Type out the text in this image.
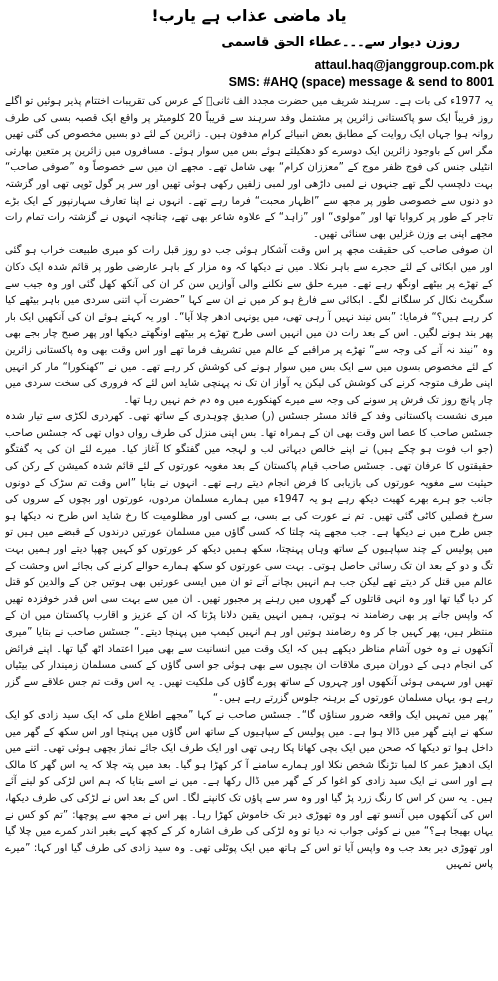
یاد ماضی عذاب ہے یارب!
روزن دیوار سے۔۔۔عطاء الحق قاسمی
attaul.haq@janggroup.com.pk
SMS: #AHQ (space) message & send to 8001

یہ 1977ء کی بات ہے۔ سرہند شریف میں حضرت مجدد الف ثانیؒ کے عرس کی تقریبات اختتام پذیر ہوئیں تو اگلے روز قریباً ایک سو پاکستانی زائرین پر مشتمل وفد سرہند سے قریباً 20 کلومیٹر پر واقع ایک قصبہ بسی کی طرف روانہ ہوا جہاں ایک روایت کے مطابق بعض انبیائے کرام مدفون ہیں۔ زائرین کے لئے دو بسیں مخصوص کی گئی تھیں مگر اس کے باوجود زائرین ایک دوسرے کو دھکیلتے ہوئے بس میں سوار ہوئے۔ مسافروں میں زائرین پر متعین بھارتی انٹیلی جنس کی فوج ظفر موج کے ”معززان کرام“ بھی شامل تھے۔ مجھے ان میں سے خصوصاً وہ ”صوفی صاحب“ بہت دلچسپ لگے تھے جنہوں نے لمبی داڑھی اور لمبی زلفیں رکھی ہوئی تھیں اور سر پر گول ٹوپی تھی اور گزشتہ دو دنوں سے خصوصی طور پر مجھ سے ”اظہار محبت“ فرما رہے تھے۔ انہوں نے اپنا تعارف سہارنپور کے ایک بڑے تاجر کے طور پر کروایا تھا اور ”مولوی“ اور ”زاہد“ کے علاوہ شاعر بھی تھے، چنانچہ انہوں نے گزشتہ رات تمام رات مجھے اپنی بے وزن غزلیں بھی سنائی تھیں۔

ان صوفی صاحب کی حقیقت مجھ پر اس وقت آشکار ہوئی جب دو روز قبل رات کو میری طبیعت خراب ہو گئی اور میں ابکائی کے لئے حجرے سے باہر نکلا۔ میں نے دیکھا کہ وہ مزار کے باہر عارضی طور پر قائم شدہ ایک دکان کے تھڑے پر بیٹھے اونگھ رہے تھے۔ میرے حلق سے نکلنے والی آوازیں سن کر ان کی آنکھ کھل گئی اور وہ جیب سے سگریٹ نکال کر سلگانے لگے۔ ابکائی سے فارغ ہو کر میں نے ان سے کہا ”حضرت آپ اتنی سردی میں باہر بیٹھے کیا کر رہے ہیں؟“ فرمایا: ”بس نیند نہیں آ رہی تھی، میں یونہی ادھر چلا آیا“۔ اور یہ کہتے ہوئے ان کی آنکھیں ایک بار پھر بند ہونے لگیں۔ اس کے بعد رات دن میں انہیں اسی طرح تھڑے پر بیٹھے اونگھتے دیکھا اور پھر صبح چار بجے بھی وہ ”نیند نہ آنے کی وجہ سے“ تھڑے پر مراقبے کے عالم میں تشریف فرما تھے اور اس وقت بھی وہ پاکستانی زائرین کے لئے مخصوص بسوں میں سے ایک بس میں سوار ہونے کی کوشش کر رہے تھے۔ میں نے ”کھنکورا“ مار کر انہیں اپنی طرف متوجہ کرنے کی کوشش کی لیکن یہ آواز ان تک نہ پہنچی شاید اس لئے کہ فروری کی سخت سردی میں چار پانچ روز تک فرش پر سونے کی وجہ سے میرے کھنکورے میں وہ دم خم نہیں رہا تھا۔

میری نشست پاکستانی وفد کے قائد مسٹر جسٹس (ر) صدیق چوہدری کے ساتھ تھی۔ کھردری لکڑی سے تیار شدہ جسٹس صاحب کا عصا اس وقت بھی ان کے ہمراہ تھا۔ بس اپنی منزل کی طرف رواں دواں تھی کہ جسٹس صاحب (جو اب فوت ہو چکے ہیں) نے اپنے خالص دیہاتی لب و لہجہ میں گفتگو کا آغاز کیا۔ میرے لئے ان کی یہ گفتگو حقیقتوں کا عرفان تھی۔ جسٹس صاحب قیام پاکستان کے بعد مغویہ عورتوں کے لئے قائم شدہ کمیشن کے رکن کی حیثیت سے مغویہ عورتوں کی بازیابی کا فرض انجام دیتے رہے تھے۔ انہوں نے بتایا ”اس وقت تم سڑک کے دونوں جانب جو ہرے بھرے کھیت دیکھ رہے ہو یہ 1947ء میں ہمارے مسلمان مردوں، عورتوں اور بچوں کے سروں کی سرخ فصلیں کاٹی گئی تھیں۔ تم نے عورت کی بے بسی، بے کسی اور مظلومیت کا رخ شاید اس طرح نہ دیکھا ہو جس طرح میں نے دیکھا ہے۔ جب مجھے پتہ چلتا کہ کسی گاؤں میں مسلمان عورتیں درندوں کے قبضے میں ہیں تو میں پولیس کے چند سپاہیوں کے ساتھ وہاں پہنچتا، سکھ ہمیں دیکھ کر عورتوں کو کہیں چھپا دیتے اور ہمیں بہت تگ و دو کے بعد ان تک رسائی حاصل ہوتی۔ بہت سی عورتوں کو سکھ ہمارے حوالے کرنے کی بجائے اس وحشت کے عالم میں قتل کر دیتے تھے لیکن جب ہم انہیں بچانے آتے تو ان میں ایسی عورتیں بھی ہوتیں جن کے والدین کو قتل کر دیا گیا تھا اور وہ انہی قاتلوں کے گھروں میں رہنے پر مجبور تھیں۔ ان میں سے بہت سی اس قدر خوفزدہ تھیں کہ واپس جانے پر بھی رضامند نہ ہوتیں، ہمیں انہیں یقین دلانا پڑتا کہ ان کے عزیز و اقارب پاکستان میں ان کے منتظر ہیں، پھر کہیں جا کر وہ رضامند ہوتیں اور ہم انہیں کیمپ میں پہنچا دیتے۔“ جسٹس صاحب نے بتایا ”میری آنکھوں نے وہ خوں آشام مناظر دیکھے ہیں کہ ایک وقت میں انسانیت سے بھی میرا اعتماد اٹھ گیا تھا۔ اپنے فرائض کی انجام دہی کے دوران میری ملاقات ان بچیوں سے بھی ہوئی جو اسی گاؤں کے کسی مسلمان زمیندار کی بیٹیاں تھیں اور سہمی ہوئی آنکھوں اور چہروں کے ساتھ پورے گاؤں کی ملکیت تھیں۔ یہ اس وقت تم جس علاقے سے گزر رہے ہو، یہاں مسلمان عورتوں کے برہنہ جلوس گزرتے رہے ہیں۔“

”پھر میں تمہیں ایک واقعہ ضرور سناؤں گا“۔ جسٹس صاحب نے کہا ”مجھے اطلاع ملی کہ ایک سید زادی کو ایک سکھ نے اپنے گھر میں ڈالا ہوا ہے۔ میں پولیس کے سپاہیوں کے ساتھ اس گاؤں میں پہنچا اور اس سکھ کے گھر میں داخل ہوا تو دیکھا کہ صحن میں ایک بچی کھانا پکا رہی تھی اور ایک طرف ایک جائے نماز بچھی ہوئی تھی۔ اتنے میں ایک ادھیڑ عمر کا لمبا تڑنگا شخص نکلا اور ہمارے سامنے آ کر کھڑا ہو گیا۔ بعد میں پتہ چلا کہ یہ اس گھر کا مالک ہے اور اسی نے ایک سید زادی کو اغوا کر کے گھر میں ڈال رکھا ہے۔ میں نے اسے بتایا کہ ہم اس لڑکی کو لینے آئے ہیں۔ یہ سن کر اس کا رنگ زرد پڑ گیا اور وہ سر سے پاؤں تک کانپنے لگا۔ اس کے بعد اس نے لڑکی کی طرف دیکھا، اس کی آنکھوں میں آنسو تھے اور وہ تھوڑی دیر تک خاموش کھڑا رہا۔ پھر اس نے مجھ سے پوچھا: ”تم کو کس نے یہاں بھیجا ہے؟“ میں نے کوئی جواب نہ دیا تو وہ لڑکی کی طرف اشارہ کر کے کچھ کہے بغیر اندر کمرے میں چلا گیا اور تھوڑی دیر بعد جب وہ واپس آیا تو اس کے ہاتھ میں ایک پوٹلی تھی۔ وہ سید زادی کی طرف گیا اور کہا: ”میرے پاس تمہیں
